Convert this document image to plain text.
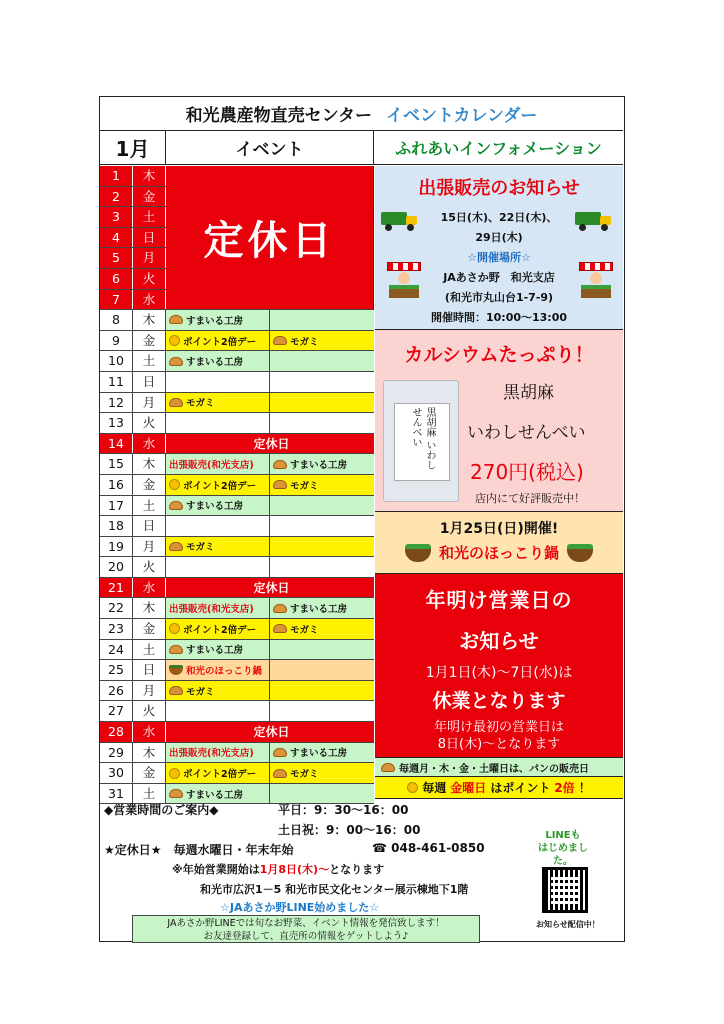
和光農産物直売センター イベントカレンダー
1月	イベント	ふれあいインフォメーション
1	木
2	金
3	土
4	日
5	月
6	火
7	水
8	木	すまいる工房
9	金	ポイント2倍デー	モガミ
10	土	すまいる工房
11	日
12	月	モガミ
13	火
14	水	定休日
15	木	出張販売(和光支店)	すまいる工房
16	金	ポイント2倍デー	モガミ
17	土	すまいる工房
18	日
19	月	モガミ
20	火
21	水	定休日
22	木	出張販売(和光支店)	すまいる工房
23	金	ポイント2倍デー	モガミ
24	土	すまいる工房
25	日	和光のほっこり鍋
26	月	モガミ
27	火
28	水	定休日
29	木	出張販売(和光支店)	すまいる工房
30	金	ポイント2倍デー	モガミ
31	土	すまいる工房
定休日
出張販売のお知らせ
15日(木)、22日(木)、
29日(木)
☆開催場所☆
JAあさか野　和光支店
(和光市丸山台1-7-9)
開催時間：10:00～13:00
カルシウムたっぷり！
黒胡麻 いわし せんべい
黒胡麻
いわしせんべい
270円(税込)
店内にて好評販売中！
1月25日(日)開催!
和光のほっこり鍋
年明け営業日の
お知らせ
1月1日(木)～7日(水)は
休業となります
年明け最初の営業日は
8日(木)～となります
毎週月・木・金・土曜日は、パンの販売日
毎週 金曜日 はポイント 2倍 ！
◆営業時間のご案内◆	平日：9：30～16：00
土日祝：9：00～16：00
★定休日★　毎週水曜日・年末年始	☎ 048-461-0850
※年始営業開始は1月8日(木)～となります
和光市広沢1－5 和光市民文化センター展示棟地下1階
☆JAあさか野LINE始めました☆
JAあさか野LINEでは旬なお野菜、イベント情報を発信致します！
お友達登録して、直売所の情報をゲットしよう♪
LINEも
はじめました。
お知らせ配信中！
